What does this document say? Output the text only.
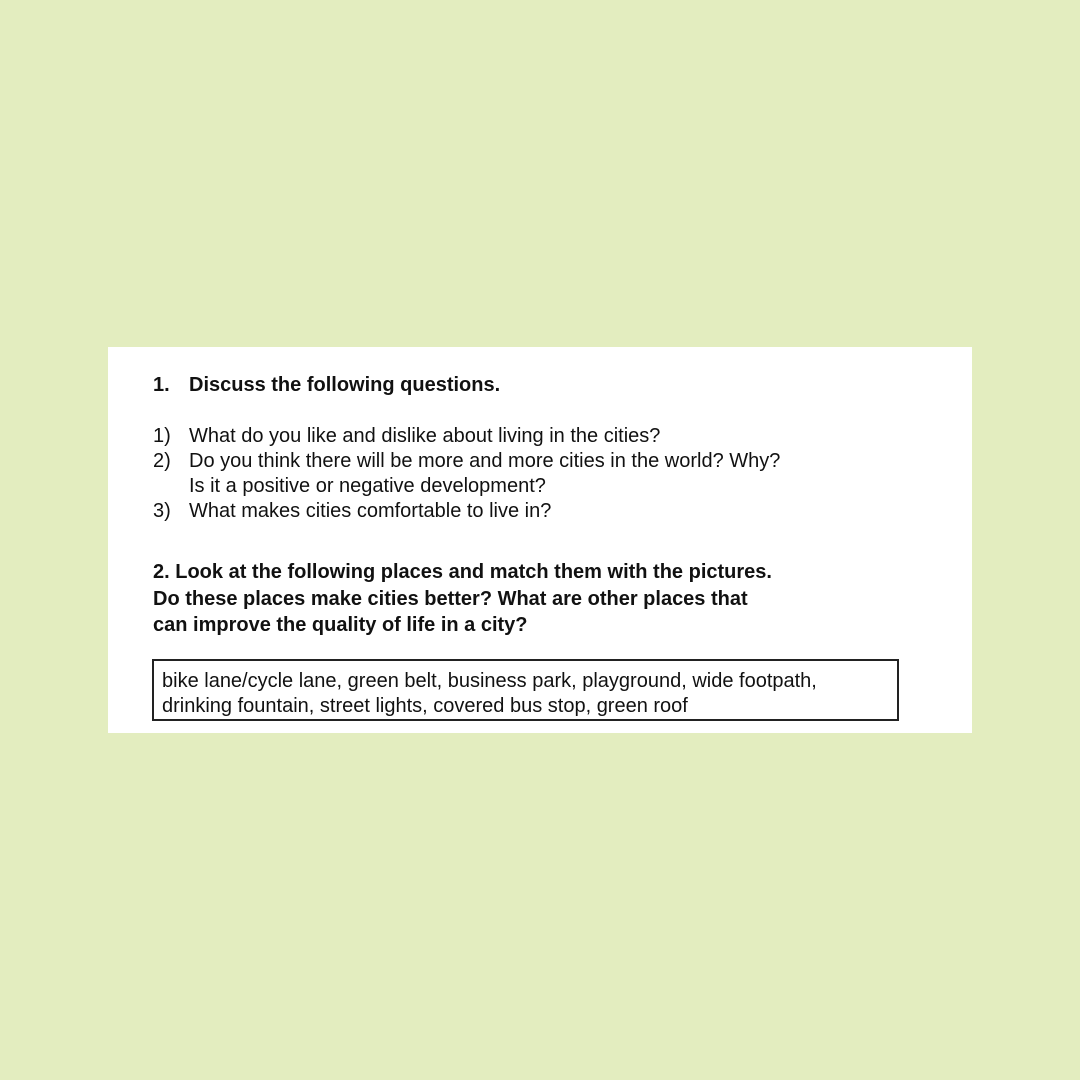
1. Discuss the following questions.
1) What do you like and dislike about living in the cities?
2) Do you think there will be more and more cities in the world? Why?
Is it a positive or negative development?
3) What makes cities comfortable to live in?
2. Look at the following places and match them with the pictures.
Do these places make cities better? What are other places that
can improve the quality of life in a city?
bike lane/cycle lane, green belt, business park, playground, wide footpath,
drinking fountain, street lights, covered bus stop, green roof
